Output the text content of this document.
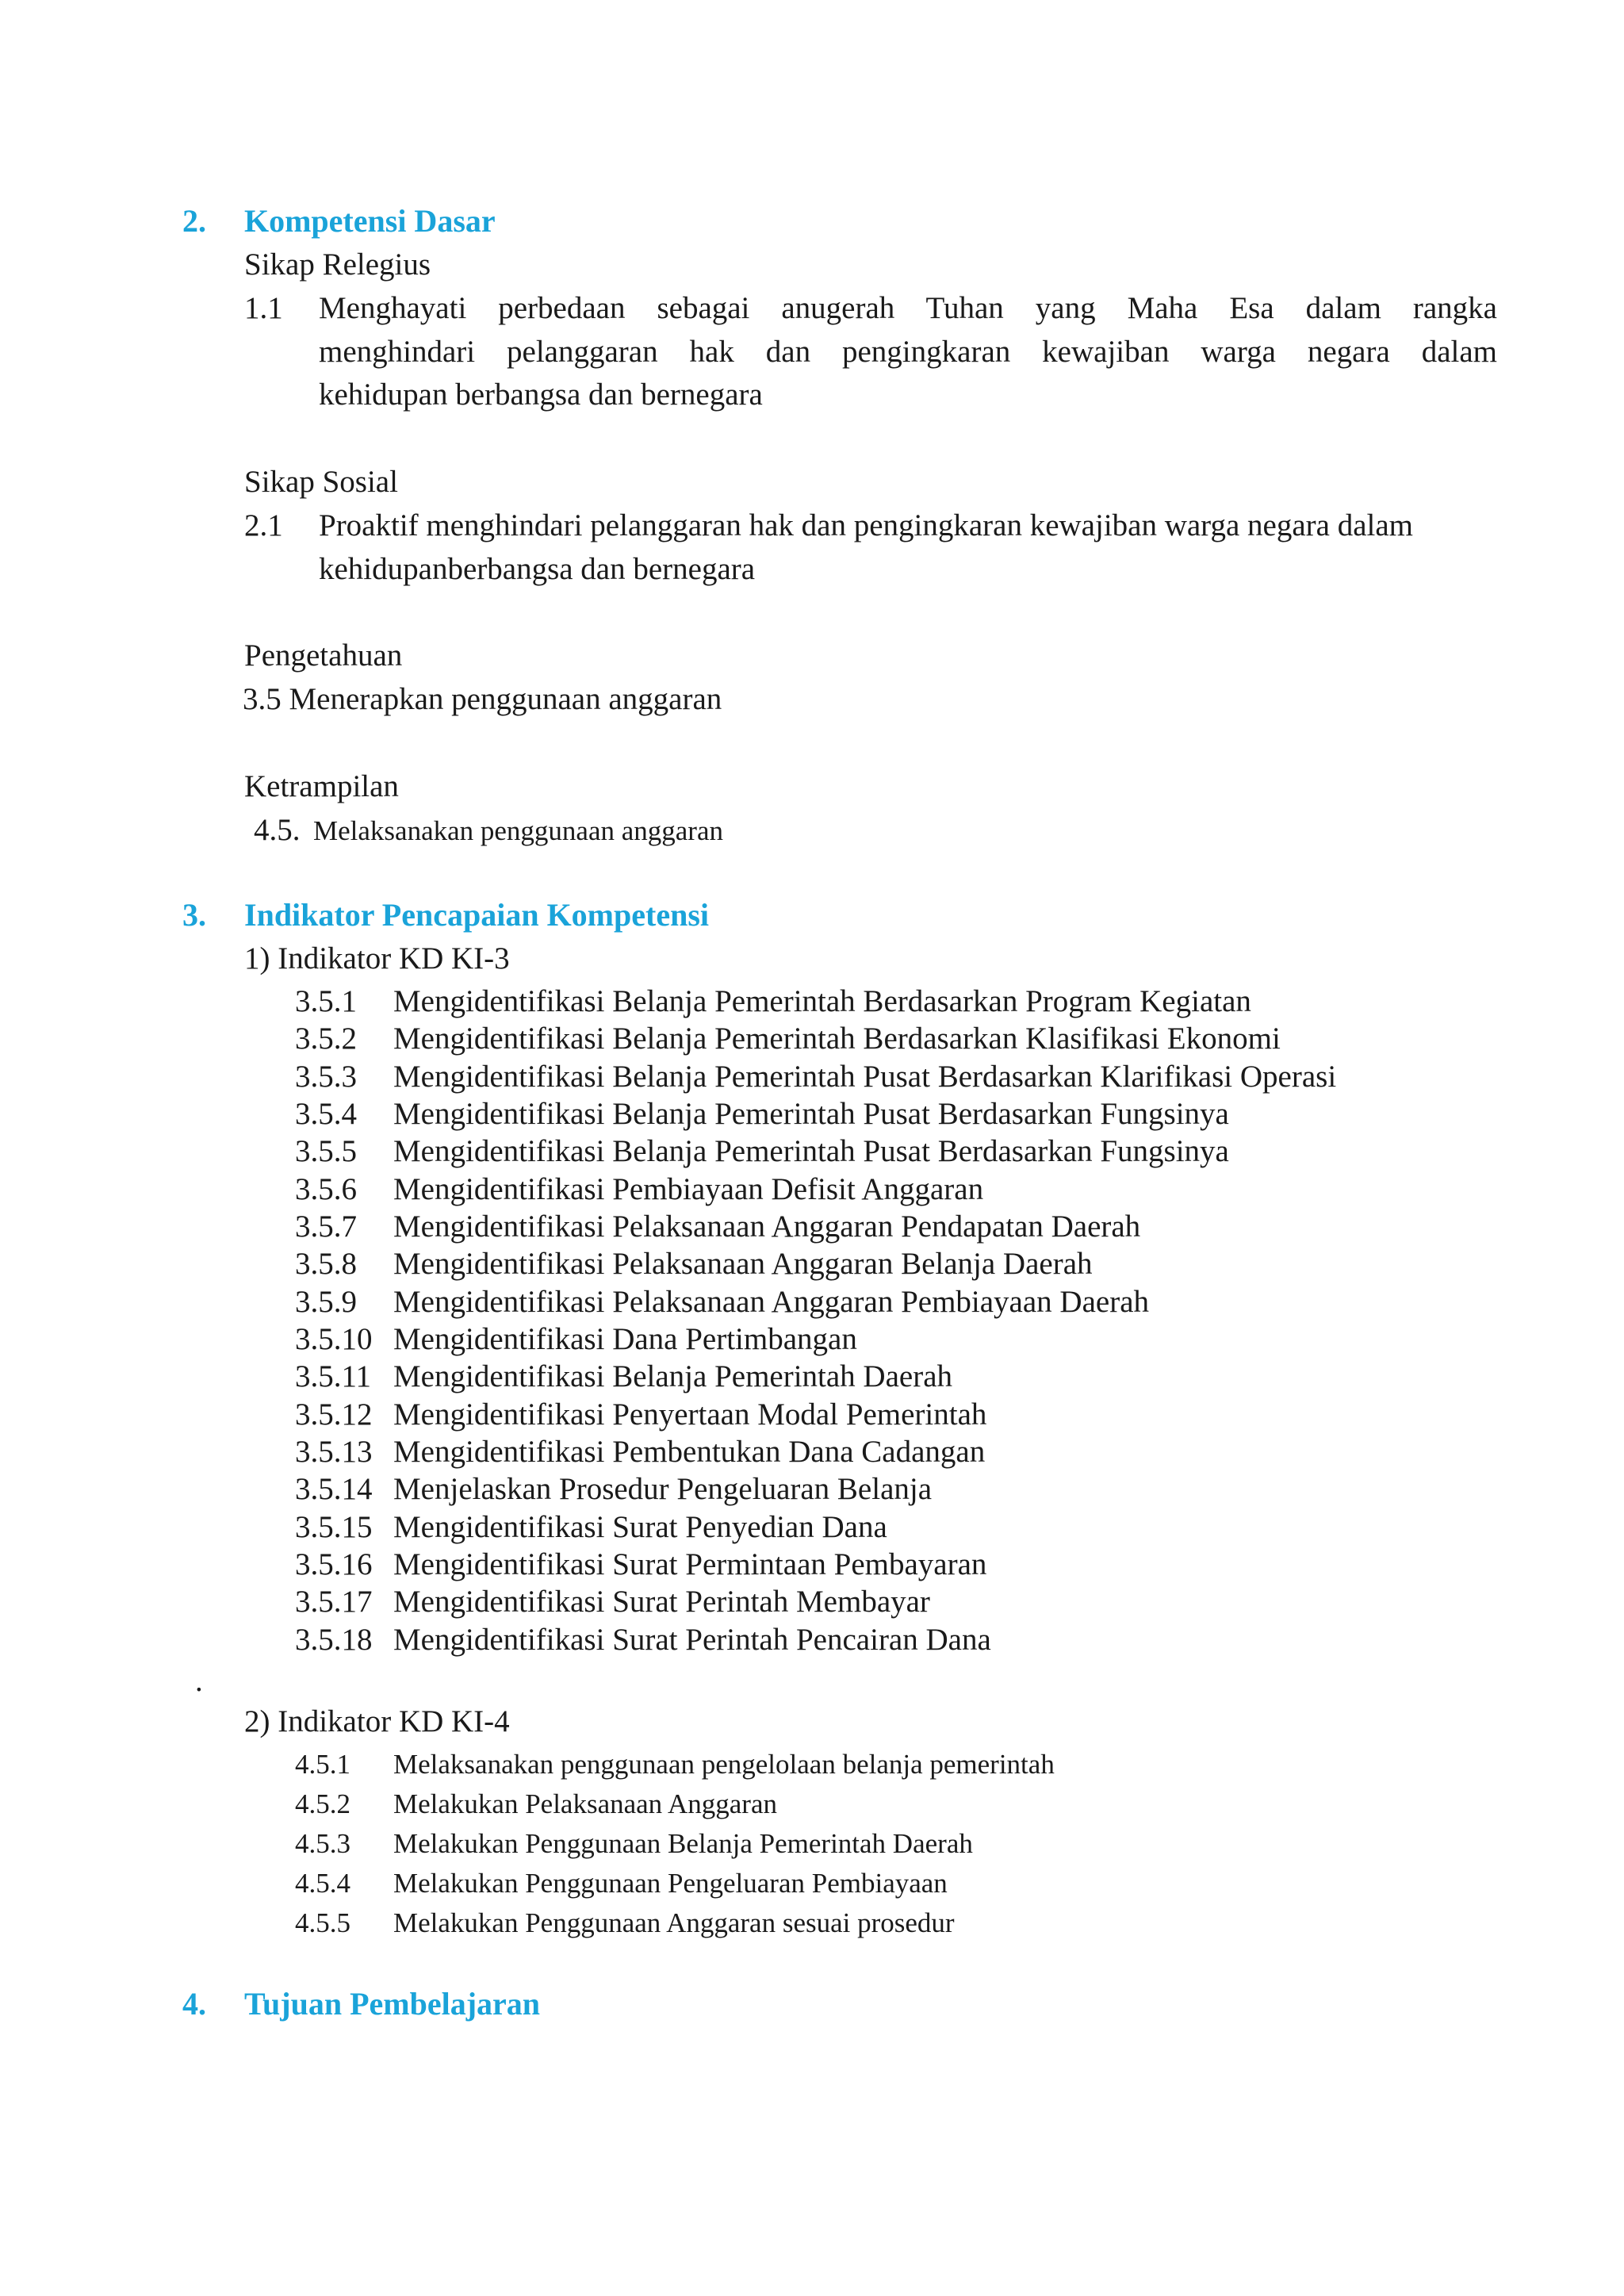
2. Kompetensi Dasar
Sikap Relegius
1.1 Menghayati perbedaan sebagai anugerah Tuhan yang Maha Esa dalam rangka
menghindari pelanggaran hak dan pengingkaran kewajiban warga negara dalam
kehidupan berbangsa dan bernegara
Sikap Sosial
2.1 Proaktif menghindari pelanggaran hak dan pengingkaran kewajiban warga negara dalam
kehidupanberbangsa dan bernegara
Pengetahuan
3.5 Menerapkan penggunaan anggaran
Ketrampilan
4.5. Melaksanakan penggunaan anggaran
3. Indikator Pencapaian Kompetensi
1) Indikator KD KI-3
3.5.1 Mengidentifikasi Belanja Pemerintah Berdasarkan Program Kegiatan
3.5.2 Mengidentifikasi Belanja Pemerintah Berdasarkan Klasifikasi Ekonomi
3.5.3 Mengidentifikasi Belanja Pemerintah Pusat Berdasarkan Klarifikasi Operasi
3.5.4 Mengidentifikasi Belanja Pemerintah Pusat Berdasarkan Fungsinya
3.5.5 Mengidentifikasi Belanja Pemerintah Pusat Berdasarkan Fungsinya
3.5.6 Mengidentifikasi Pembiayaan Defisit Anggaran
3.5.7 Mengidentifikasi Pelaksanaan Anggaran Pendapatan Daerah
3.5.8 Mengidentifikasi Pelaksanaan Anggaran Belanja Daerah
3.5.9 Mengidentifikasi Pelaksanaan Anggaran Pembiayaan Daerah
3.5.10 Mengidentifikasi Dana Pertimbangan
3.5.11 Mengidentifikasi Belanja Pemerintah Daerah
3.5.12 Mengidentifikasi Penyertaan Modal Pemerintah
3.5.13 Mengidentifikasi Pembentukan Dana Cadangan
3.5.14 Menjelaskan Prosedur Pengeluaran Belanja
3.5.15 Mengidentifikasi Surat Penyedian Dana
3.5.16 Mengidentifikasi Surat Permintaan Pembayaran
3.5.17 Mengidentifikasi Surat Perintah Membayar
3.5.18 Mengidentifikasi Surat Perintah Pencairan Dana
.
2) Indikator KD KI-4
4.5.1 Melaksanakan penggunaan pengelolaan belanja pemerintah
4.5.2 Melakukan Pelaksanaan Anggaran
4.5.3 Melakukan Penggunaan Belanja Pemerintah Daerah
4.5.4 Melakukan Penggunaan Pengeluaran Pembiayaan
4.5.5 Melakukan Penggunaan Anggaran sesuai prosedur
4. Tujuan Pembelajaran
